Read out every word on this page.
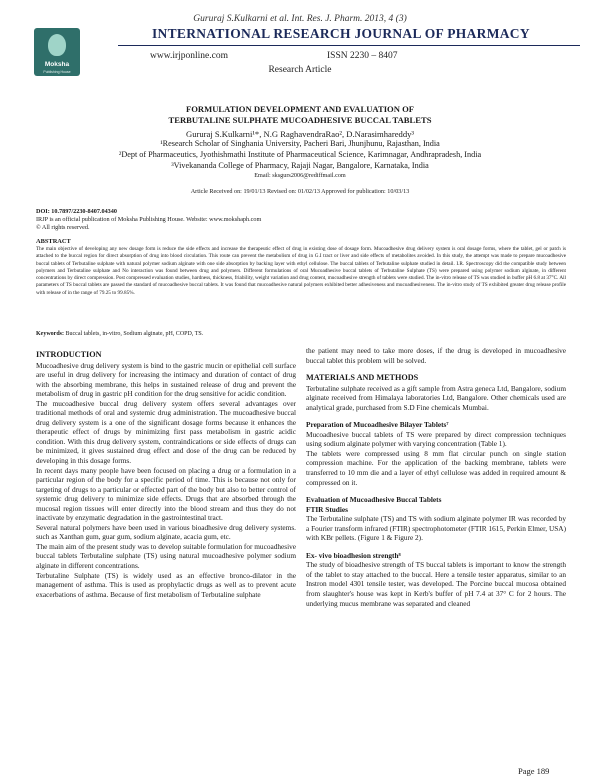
Gururaj S.Kulkarni et al. Int. Res. J. Pharm. 2013, 4 (3)
Moksha
Publishing House
INTERNATIONAL RESEARCH JOURNAL OF PHARMACY
www.irjponline.com	ISSN 2230 – 8407
Research Article
FORMULATION DEVELOPMENT AND EVALUATION OF
TERBUTALINE SULPHATE MUCOADHESIVE BUCCAL TABLETS
Gururaj S.Kulkarni¹*, N.G RaghavendraRao², D.Narasimhareddy³
¹Research Scholar of Singhania University, Pacheri Bari, Jhunjhunu, Rajasthan, India
²Dept of Pharmaceutics, Jyothishmathi Institute of Pharmaceutical Science, Karimnagar, Andhrapradesh, India
³Vivekananda College of Pharmacy, Rajaji Nagar, Bangalore, Karnataka, India
Email: sksgurs2006@rediffmail.com
Article Received on: 19/01/13 Revised on: 01/02/13 Approved for publication: 10/03/13
DOI: 10.7897/2230-8407.04340
IRJP is an official publication of Moksha Publishing House. Website: www.mokshaph.com
© All rights reserved.
ABSTRACT
The main objective of developing any new dosage form is reduce the side effects and increase the therapeutic effect of drug in existing dose of dosage form. Mucoadhesive drug delivery system is oral dosage forms, where the tablet, gel or patch is attached to the buccal region for direct absorption of drug into blood circulation. This route can prevent the metabolism of drug in G.I tract or liver and side effects of metabolites avoided. In this study, the attempt was made to prepare mucoadhesive buccal tablets of Terbutaline sulphate with natural polymer sodium alginate with one side absorption by backing layer with ethyl cellulose. The buccal tablets of Terbutaline sulphate studied in detail. I.R. Spectroscopy did the compatible study between polymers and Terbutaline sulphate and No interaction was found between drug and polymers. Different formulations of oral Mucoadhesive buccal tablets of Terbutaline Sulphate (TS) were prepared using polymer sodium alginate, in different concentrations by direct compression. Post compressed evaluation studies, hardness, thickness, friability, weight variation and drug content, mucoadhesive strength of tablets were studied. The in-vitro release of TS was studied in buffer pH 6.8 at 37°C. All parameters of TS buccal tablets are passed the standard of mucoadhesive buccal tablets. It was found that mucoadhesive natural polymers exhibited better adhesiveness and mucoadhesiveness. The in-vitro study of TS exhibited greater drug release profile with release of in the range of 79.25 to 99.85%.
Keywords: Buccal tablets, in-vitro, Sodium alginate, pH, COPD, TS.
INTRODUCTION

Mucoadhesive drug delivery system is bind to the gastric mucin or epithelial cell surface are useful in drug delivery for increasing the intimacy and duration of contact of drug with the absorbing membrane, this helps in sustained release of drug and prevent the metabolism of drug in gastric pH condition for the drug sensitive for acidic condition.

The mucoadhesive buccal drug delivery system offers several advantages over traditional methods of oral and systemic drug administration. The mucoadhesive buccal drug delivery system is a one of the significant dosage forms because it enhances the therapeutic effect of drugs by minimizing first pass metabolism in gastric acidic condition. With this drug delivery system, contraindications or side effects of drugs can be minimized, it gives sustained drug effect and dose of the drug can be reduced by developing in this dosage forms.

In recent days many people have been focused on placing a drug or a formulation in a particular region of the body for a specific period of time. This is because not only for targeting of drugs to a particular or effected part of the body but also to better control of systemic drug delivery to minimize side effects. Drugs that are absorbed through the mucosal region tissues will enter directly into the blood stream and thus they do not inactivate by enzymatic degradation in the gastrointestinal tract.

Several natural polymers have been used in various bioadhesive drug delivery systems. such as Xanthan gum, guar gum, sodium alginate, acacia gum, etc.

The main aim of the present study was to develop suitable formulation for mucoadhesive buccal tablets Terbutaline sulphate (TS) using natural mucoadhesive polymer sodium alginate in different concentrations.

Terbutaline Sulphate (TS) is widely used as an effective bronco-dilator in the management of asthma. This is used as prophylactic drugs as well as to prevent acute exacerbations of asthma. Because of first metabolism of Terbutaline sulphate

the patient may need to take more doses, if the drug is developed in mucoadhesive buccal tablet this problem will be solved.

MATERIALS AND METHODS

Terbutaline sulphate received as a gift sample from Astra geneca Ltd, Bangalore, sodium alginate received from Himalaya laboratories Ltd, Bangalore. Other chemicals used are analytical grade, purchased from S.D Fine chemicals Mumbai.

Preparation of Mucoadhesive Bilayer Tablets⁷

Mucoadhesive buccal tablets of TS were prepared by direct compression techniques using sodium alginate polymer with varying concentration (Table 1).

The tablets were compressed using 8 mm flat circular punch on single station compression machine. For the application of the backing membrane, tablets were transferred to 10 mm die and a layer of ethyl cellulose was added in required amount & compressed on it.

Evaluation of Mucoadhesive Buccal Tablets
FTIR Studies

The Terbutaline sulphate (TS) and TS with sodium alginate polymer IR was recorded by a Fourier transform infrared (FTIR) spectrophotometer (FTIR 1615, Perkin Elmer, USA) with KBr pellets. (Figure 1 & Figure 2).

Ex- vivo bioadhesion strength⁸

The study of bioadhesive strength of TS buccal tablets is important to know the strength of the tablet to stay attached to the buccal. Here a tensile tester apparatus, similar to an Instron model 4301 tensile tester, was developed. The Porcine buccal mucosa obtained from slaughter's house was kept in Kerb's buffer of pH 7.4 at 37° C for 2 hours. The underlying mucus membrane was separated and cleaned

Page 189
